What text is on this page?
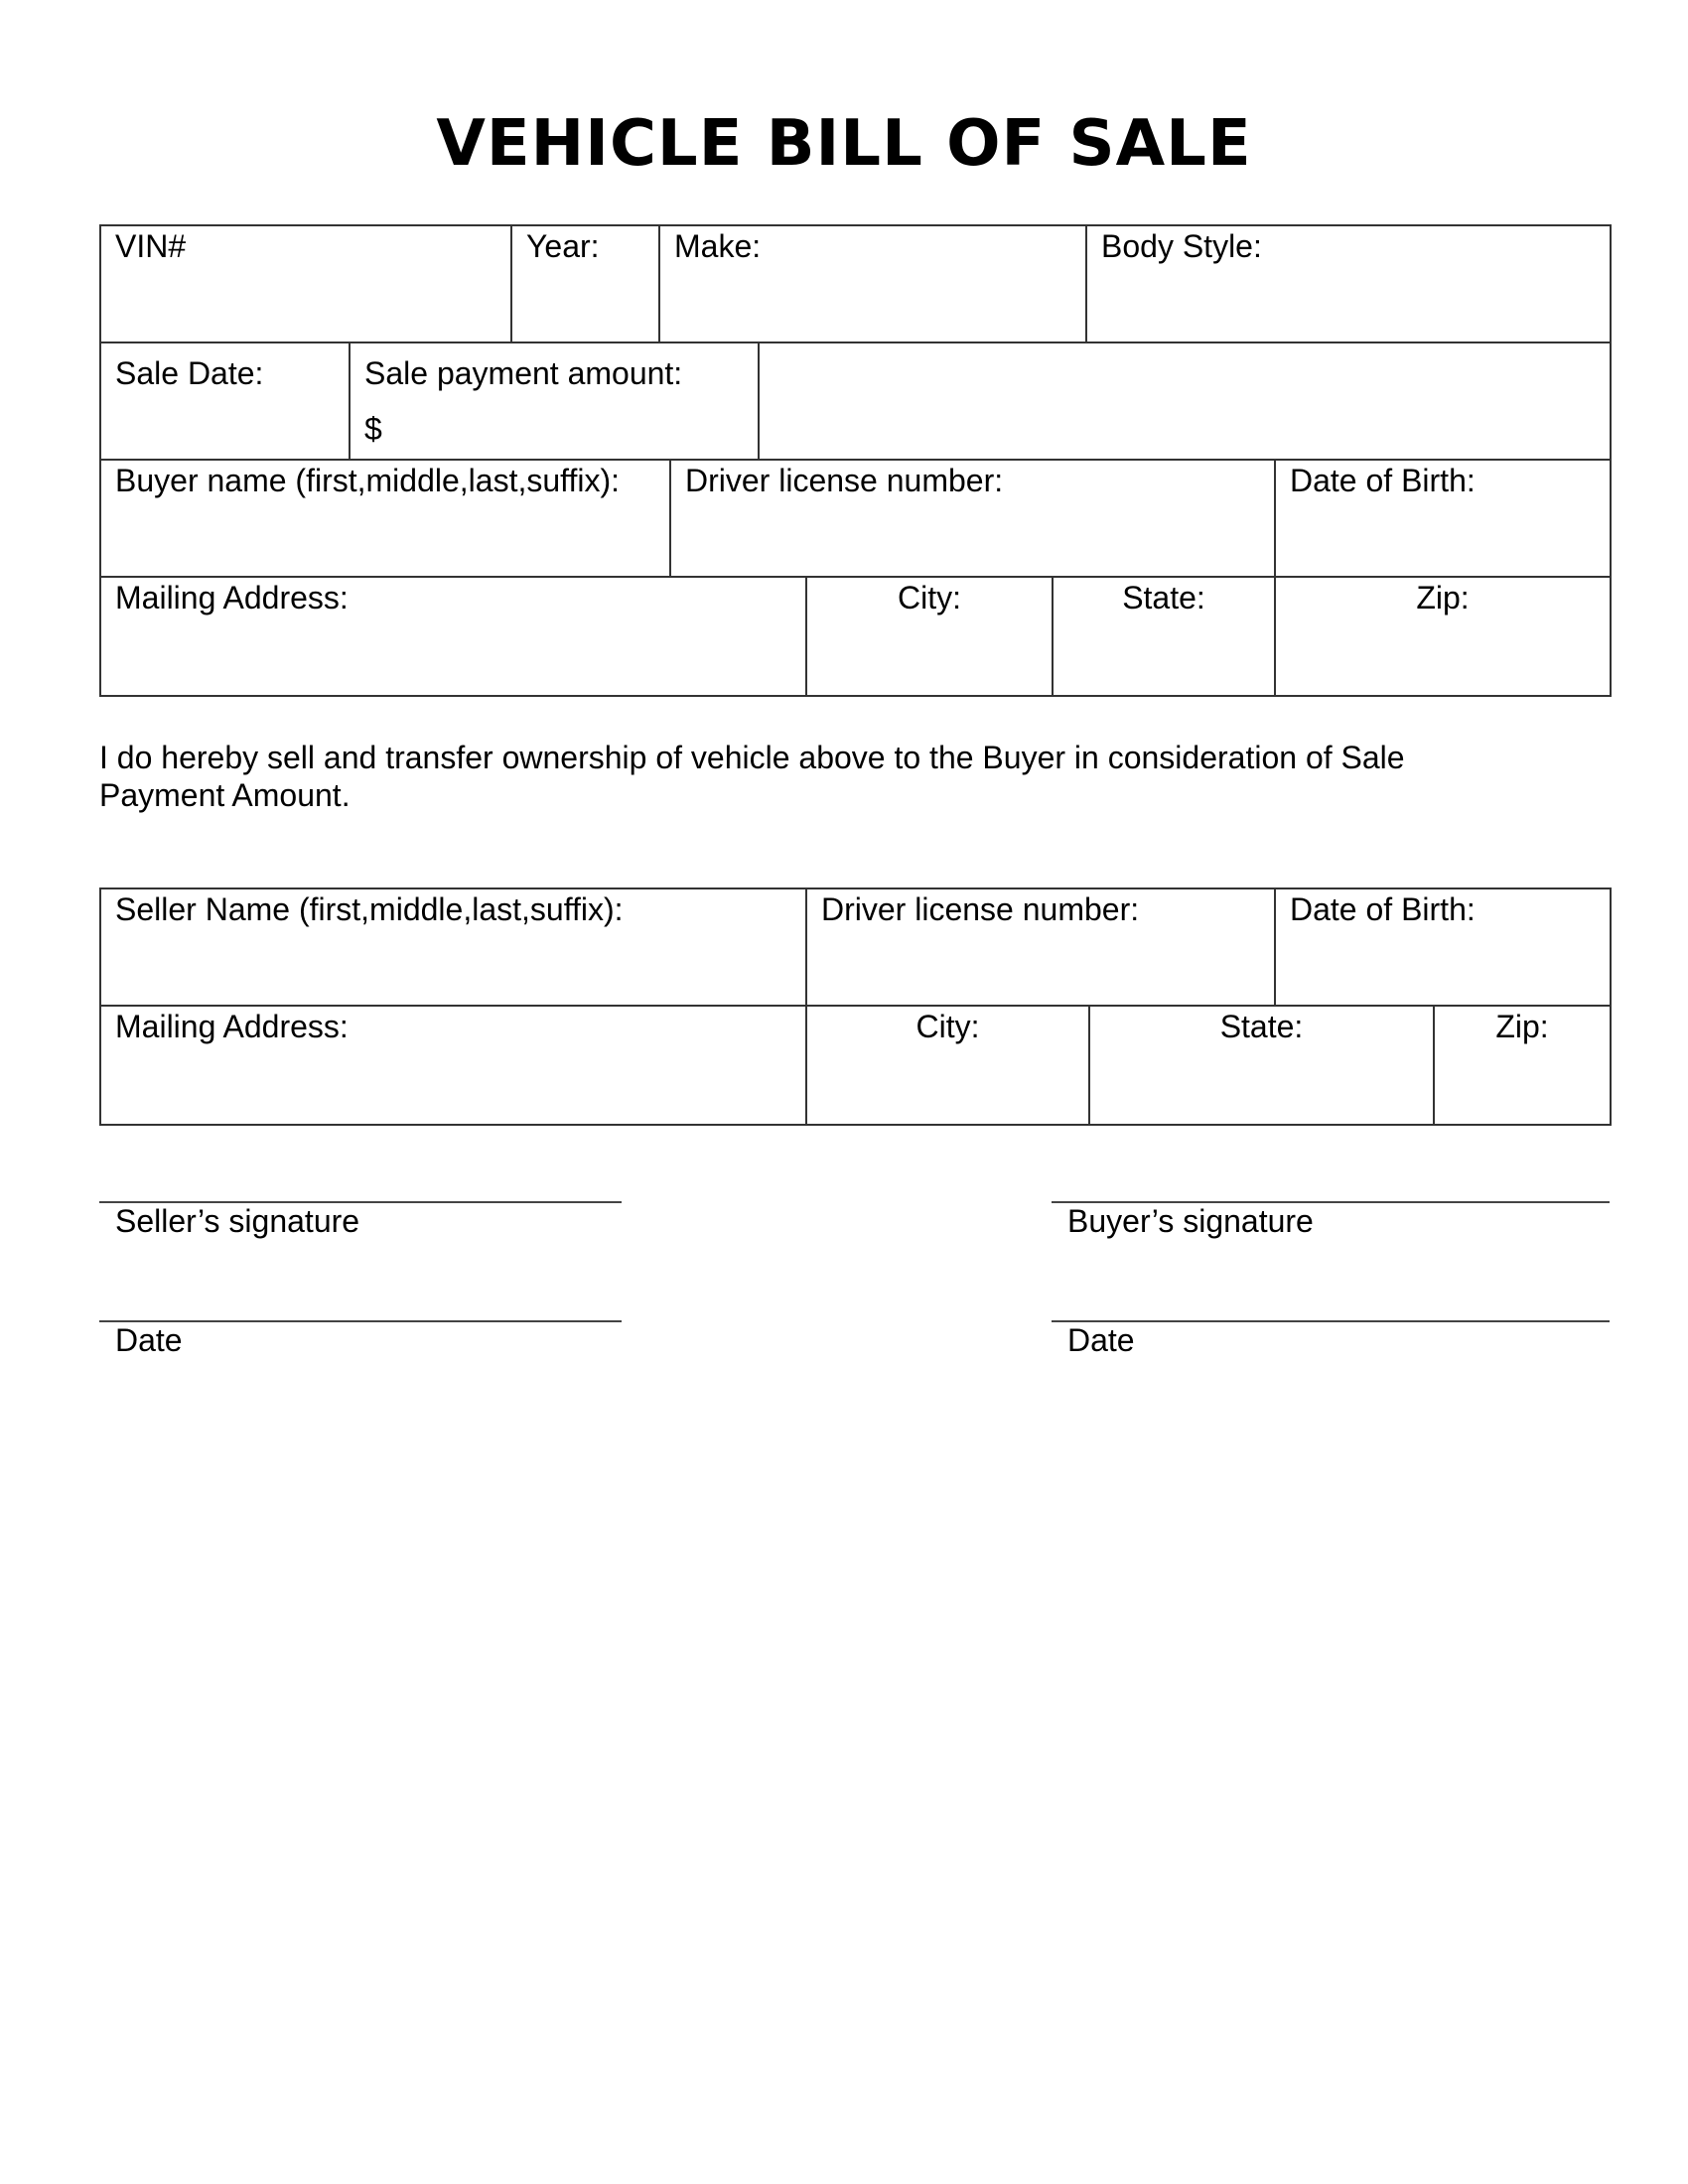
VEHICLE BILL OF SALE
VIN#	Year:	Make:	Body Style:
Sale Date:	Sale payment amount:
$
Buyer name (first,middle,last,suffix):	Driver license number:	Date of Birth:
Mailing Address:	City:	State:	Zip:
I do hereby sell and transfer ownership of vehicle above to the Buyer in consideration of Sale Payment Amount.
Seller Name (first,middle,last,suffix):	Driver license number:	Date of Birth:
Mailing Address:	City:	State:	Zip:
Seller’s signature	Buyer’s signature
Date	Date
